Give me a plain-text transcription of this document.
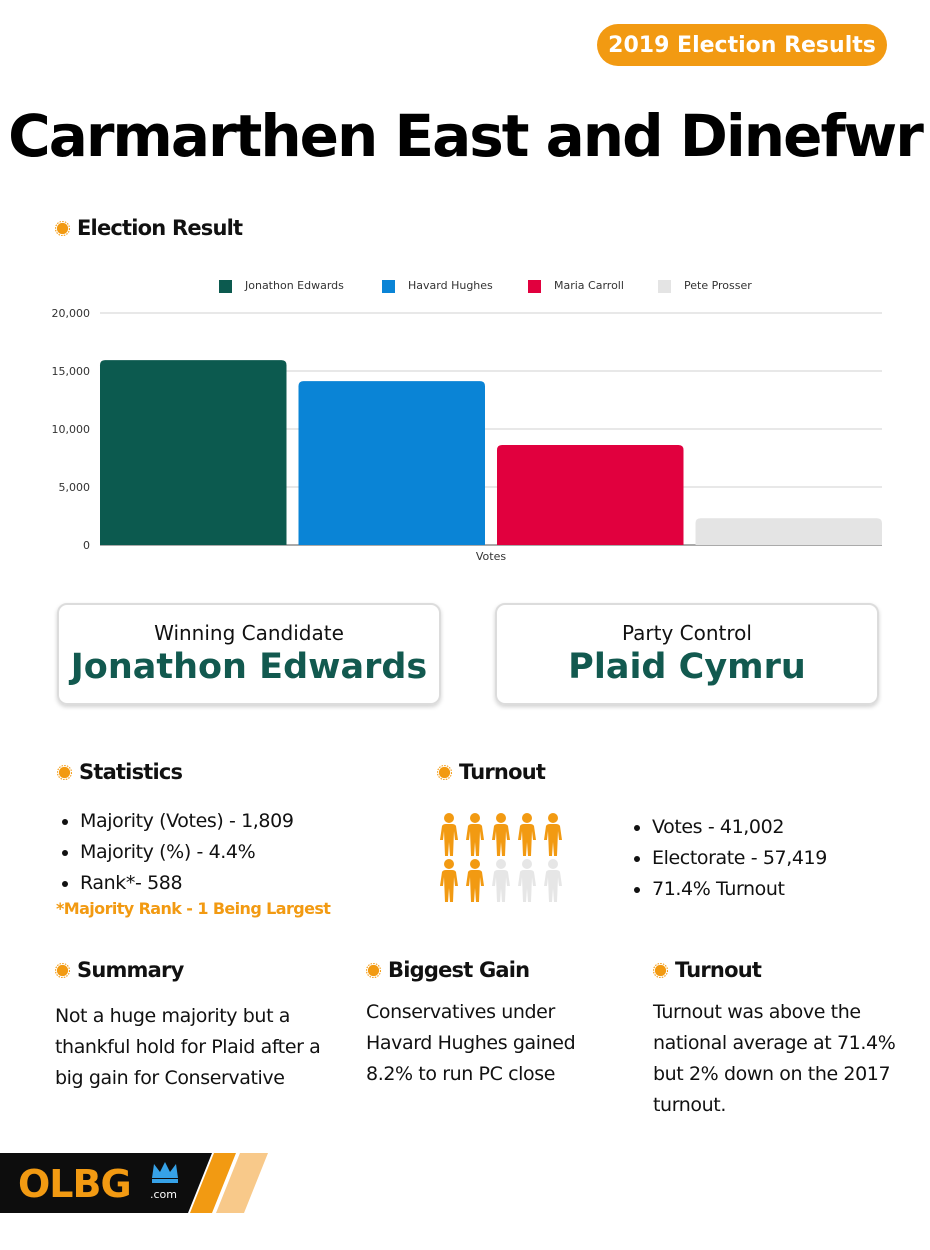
2019 Election Results
Carmarthen East and Dinefwr
Election Result
0
5,000
10,000
15,000
20,000
Jonathon Edwards	Havard Hughes	Maria Carroll	Pete Prosser
Votes
Winning Candidate
Jonathon Edwards
Party Control
Plaid Cymru
Statistics
• Majority (Votes) - 1,809
• Majority (%) - 4.4%
• Rank*- 588
*Majority Rank - 1 Being Largest
Turnout
• Votes - 41,002
• Electorate - 57,419
• 71.4% Turnout
Summary
Not a huge majority but a
thankful hold for Plaid after a
big gain for Conservative
Biggest Gain
Conservatives under
Havard Hughes gained
8.2% to run PC close
Turnout
Turnout was above the
national average at 71.4%
but 2% down on the 2017
turnout.
OLBG .com
